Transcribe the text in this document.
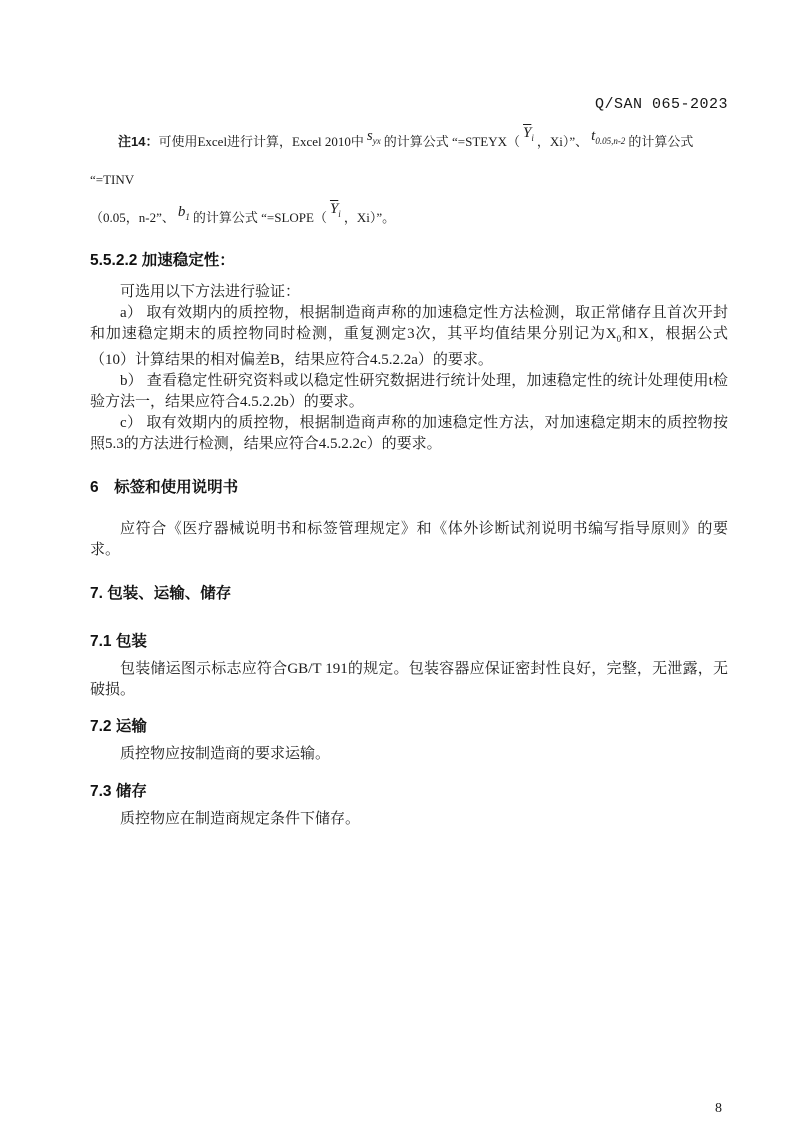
Q/SAN 065-2023

注14：可使用Excel进行计算，Excel 2010中 $s_{yx}$ 的计算公式 “$=STEYX(\overline{Y}_i$ ，Xi）”、 $t_{0.05,n-2}$ 的计算公式 “=TINV
（0.05，n-2”、 $b_1$ 的计算公式 “$=SLOPE(\overline{Y}_i$ ，Xi）”。

5.5.2.2 加速稳定性：

可选用以下方法进行验证：

a） 取有效期内的质控物，根据制造商声称的加速稳定性方法检测，取正常储存且首次开封和加速稳定期末的质控物同时检测，重复测定3次，其平均值结果分别记为$X_0$和X，根据公式（10）计算结果的相对偏差B，结果应符合4.5.2.2a）的要求。

b） 查看稳定性研究资料或以稳定性研究数据进行统计处理，加速稳定性的统计处理使用t检验方法一，结果应符合4.5.2.2b）的要求。

c） 取有效期内的质控物，根据制造商声称的加速稳定性方法，对加速稳定期末的质控物按照5.3的方法进行检测，结果应符合4.5.2.2c）的要求。

6　标签和使用说明书

应符合《医疗器械说明书和标签管理规定》和《体外诊断试剂说明书编写指导原则》的要求。

7. 包装、运输、储存

7.1 包装

包装储运图示标志应符合GB/T 191的规定。包装容器应保证密封性良好，完整，无泄露，无破损。

7.2 运输

质控物应按制造商的要求运输。

7.3 储存

质控物应在制造商规定条件下储存。

8
